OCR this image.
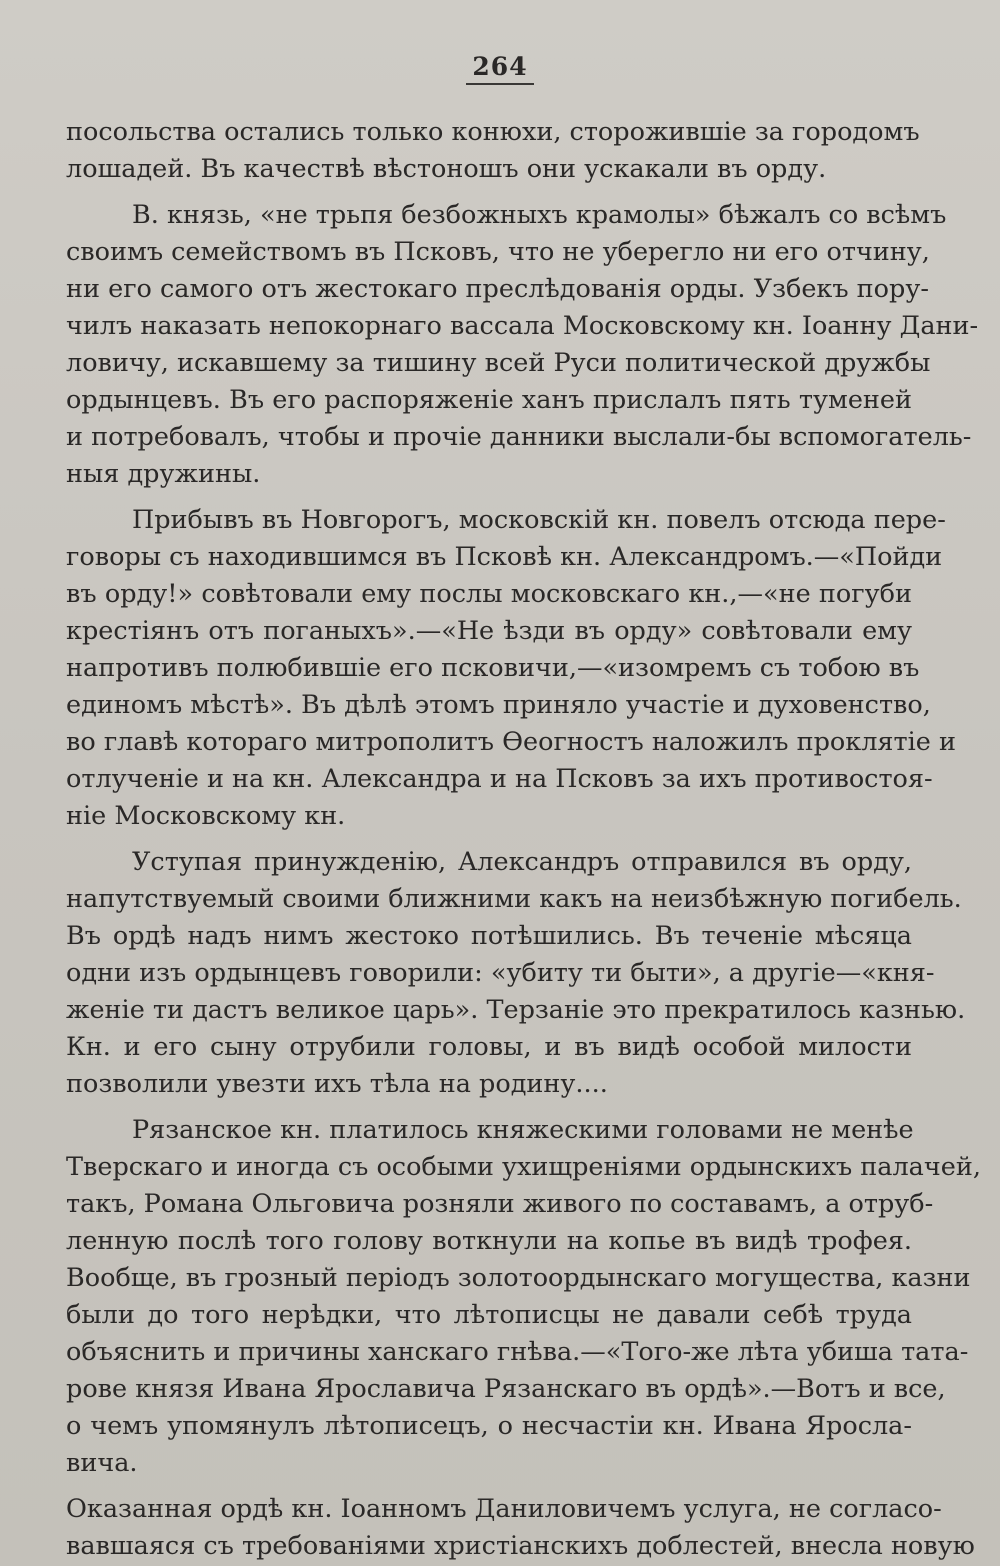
264
посольства остались только конюхи, сторожившіе за городомъ
лошадей. Въ качествѣ вѣстоношъ они ускакали въ орду.
В. князь, «не трьпя безбожныхъ крамолы» бѣжалъ со всѣмъ
своимъ семействомъ въ Псковъ, что не уберегло ни его отчину,
ни его самого отъ жестокаго преслѣдованія орды. Узбекъ пору-
чилъ наказать непокорнаго вассала Московскому кн. Іоанну Дани-
ловичу, искавшему за тишину всей Руси политической дружбы
ордынцевъ. Въ его распоряженіе ханъ прислалъ пять туменей
и потребовалъ, чтобы и прочіе данники выслали-бы вспомогатель-
ныя дружины.
Прибывъ въ Новгорогъ, московскій кн. повелъ отсюда пере-
говоры съ находившимся въ Псковѣ кн. Александромъ.—«Пойди
въ орду!» совѣтовали ему послы московскаго кн.,—«не погуби
крестіянъ отъ поганыхъ».—«Не ѣзди въ орду» совѣтовали ему
напротивъ полюбившіе его псковичи,—«изомремъ съ тобою въ
единомъ мѣстѣ». Въ дѣлѣ этомъ приняло участіе и духовенство,
во главѣ котораго митрополитъ Ѳеогностъ наложилъ проклятіе и
отлученіе и на кн. Александра и на Псковъ за ихъ противостоя-
ніе Московскому кн.
Уступая принужденію, Александръ отправился въ орду,
напутствуемый своими ближними какъ на неизбѣжную погибель.
Въ ордѣ надъ нимъ жестоко потѣшились. Въ теченіе мѣсяца
одни изъ ордынцевъ говорили: «убиту ти быти», а другіе—«кня-
женіе ти дастъ великое царь». Терзаніе это прекратилось казнью.
Кн. и его сыну отрубили головы, и въ видѣ особой милости
позволили увезти ихъ тѣла на родину....
Рязанское кн. платилось княжескими головами не менѣе
Тверскаго и иногда съ особыми ухищреніями ордынскихъ палачей,
такъ, Романа Ольговича розняли живого по составамъ, а отруб-
ленную послѣ того голову воткнули на копье въ видѣ трофея.
Вообще, въ грозный періодъ золотоордынскаго могущества, казни
были до того нерѣдки, что лѣтописцы не давали себѣ труда
объяснить и причины ханскаго гнѣва.—«Того-же лѣта убиша тата-
рове князя Ивана Ярославича Рязанскаго въ ордѣ».—Вотъ и все,
о чемъ упомянулъ лѣтописецъ, о несчастіи кн. Ивана Яросла-
вича.
Оказанная ордѣ кн. Іоанномъ Даниловичемъ услуга, не согласо-
вавшаяся съ требованіями христіанскихъ доблестей, внесла новую
